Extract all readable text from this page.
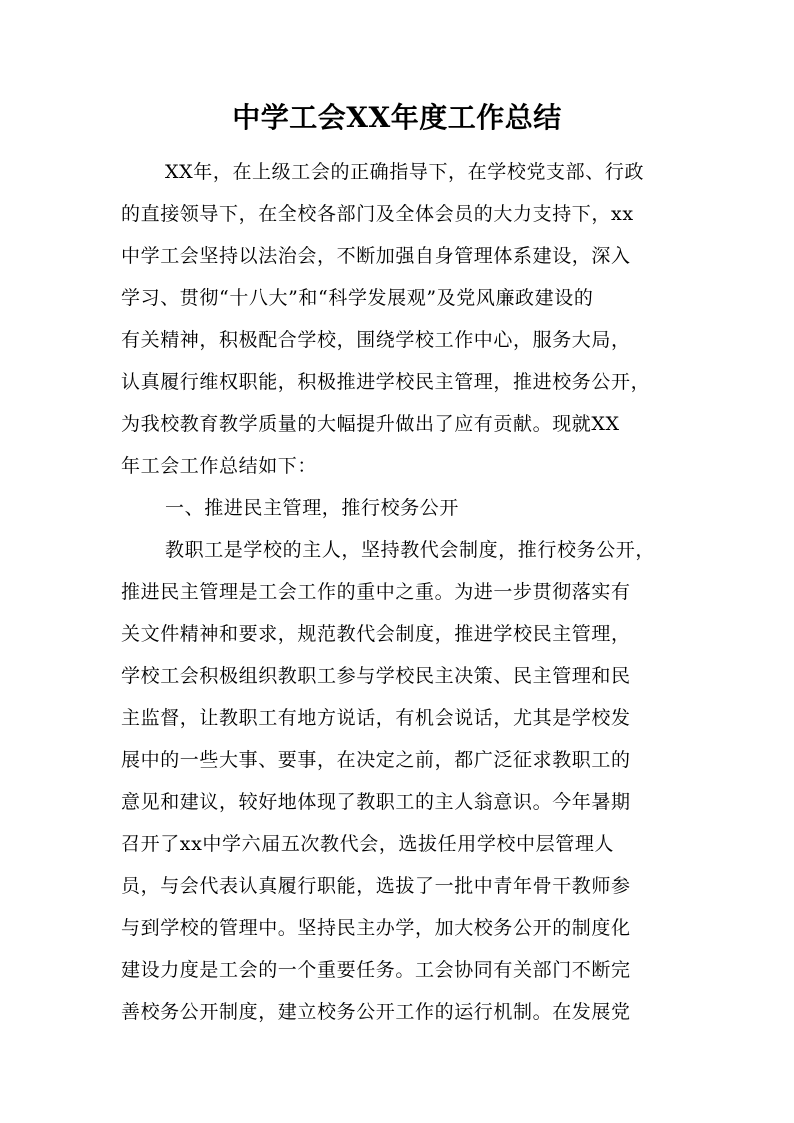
中学工会XX年度工作总结
XX年，在上级工会的正确指导下，在学校党支部、行政
的直接领导下，在全校各部门及全体会员的大力支持下，xx
中学工会坚持以法治会，不断加强自身管理体系建设，深入
学习、贯彻“十八大”和“科学发展观”及党风廉政建设的
有关精神，积极配合学校，围绕学校工作中心，服务大局，
认真履行维权职能，积极推进学校民主管理，推进校务公开，
为我校教育教学质量的大幅提升做出了应有贡献。现就XX
年工会工作总结如下：
一、推进民主管理，推行校务公开
教职工是学校的主人，坚持教代会制度，推行校务公开，
推进民主管理是工会工作的重中之重。为进一步贯彻落实有
关文件精神和要求，规范教代会制度，推进学校民主管理，
学校工会积极组织教职工参与学校民主决策、民主管理和民
主监督，让教职工有地方说话，有机会说话，尤其是学校发
展中的一些大事、要事，在决定之前，都广泛征求教职工的
意见和建议，较好地体现了教职工的主人翁意识。今年暑期
召开了xx中学六届五次教代会，选拔任用学校中层管理人
员，与会代表认真履行职能，选拔了一批中青年骨干教师参
与到学校的管理中。坚持民主办学，加大校务公开的制度化
建设力度是工会的一个重要任务。工会协同有关部门不断完
善校务公开制度，建立校务公开工作的运行机制。在发展党
